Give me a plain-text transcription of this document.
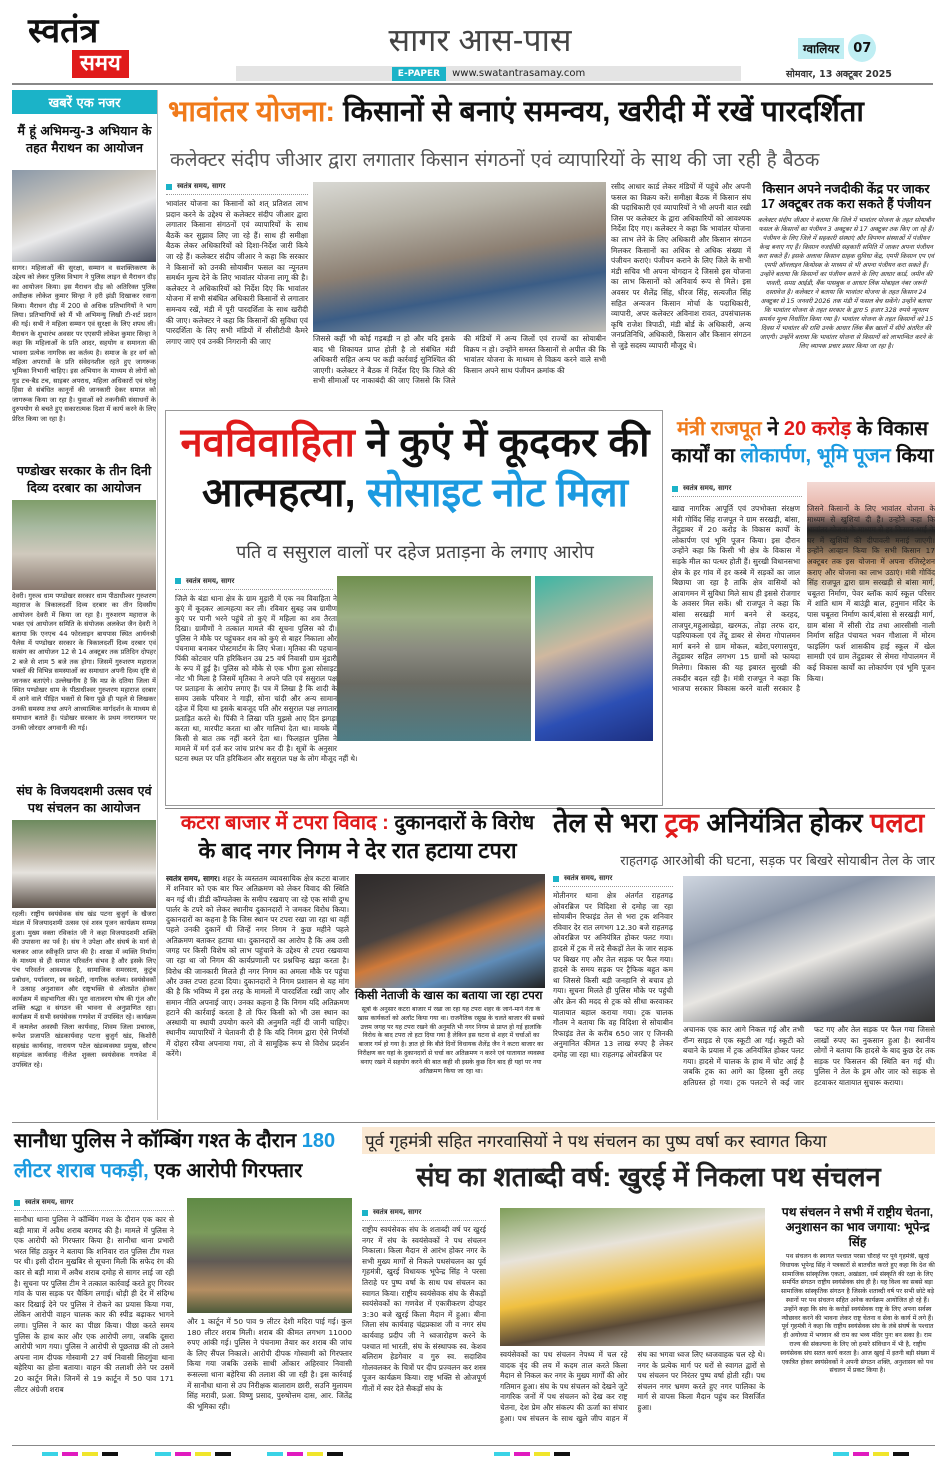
स्वतंत्र
समय
सागर आस-पास
E-PAPER	www.swatantrasamay.com
ग्वालियर	07
सोमवार, 13 अक्टूबर 2025
खबरें एक नजर
मैं हूं अभिमन्यु-3 अभियान के तहत मैराथन का आयोजन
सागर। महिलाओं की सुरक्षा, सम्मान व सशक्तिकरण के उद्देश्य को लेकर पुलिस विभाग ने पुलिस लाइन से मैराथन दौड़ का आयोजन किया। इस मैराथन दौड़ को अतिरिक्त पुलिस अधीक्षक लोकेश कुमार सिन्हा ने हरी झंडी दिखाकर रवाना किया। मैराथन दौड़ में 200 से अधिक प्रतिभागियों ने भाग लिया। प्रतिभागियों को मैं भी अभिमन्यु लिखी टी-शर्ट प्रदान की गई। सभी ने महिला सम्मान एवं सुरक्षा के लिए शपथ ली। मैराथन के शुभारंभ अवसर पर एएसपी लोकेश कुमार सिन्हा ने कहा कि महिलाओं के प्रति आदर, सहयोग व समानता की भावना प्रत्येक नागरिक का कर्तव्य है। समाज के हर वर्ग को महिला अपराधों के प्रति संवेदनशील रहते हुए जागरूक भूमिका निभानी चाहिए। इस अभियान के माध्यम से लोगों को गुड टच-बैड टच, साइबर अपराध, महिला अधिकारों एवं घरेलू हिंसा से संबंधित कानूनों की जानकारी देकर समाज को जागरूक किया जा रहा है। युवाओं को तकनीकी संसाधनों के दुरुपयोग से बचते हुए सकारात्मक दिशा में कार्य करने के लिए प्रेरित किया जा रहा है।
पण्डोखर सरकार के तीन दिनी दिव्य दरबार का आयोजन
देवरी। गुरुत्व धाम पण्डोखर सरकार धाम पीठाधीश्वर गुरुशरण महाराज के त्रिकालदर्शी दिव्य दरबार का तीन दिवसीय आयोजन देवरी में किया जा रहा है। गुरुशरण महाराज के भक्त एवं आयोजन समिति के संयोजक अलकेश जैन देवरी ने बताया कि एनएच 44 फोरलाइन बायपास स्थित आर्यनश्री पैलेस में पण्डोखर सरकार के त्रिकालदर्शी दिव्य दरबार एवं सत्संग का आयोजन 12 से 14 अक्टूबर तक प्रतिदिन दोपहर 2 बजे से शाम 5 बजे तक होगा। जिसमें गुरुशरण महाराज भक्तों की विभिन्न समस्याओं का समाधान अपनी दिव्य दृष्टि से जानकर बताएंगे। उल्लेखनीय है कि मप्र के दतिया जिला में स्थित पण्डोखर धाम के पीठाधीश्वर गुरुशरण महाराज दरबार में आने वाले पीड़ित भक्तों से बिना पूछे ही पहले से लिखकर उनकी समस्या तथा अपने आध्यात्मिक मार्गदर्शन के माध्यम से समाधान बताते हैं। पंडोखर सरकार के प्रथम नगरागमन पर उनकी जोरदार अगवानी की गई।
संघ के विजयदशमी उत्सव एवं पथ संचलन का आयोजन
रहली। राष्ट्रीय स्वयंसेवक संघ खंड पटना बुजुर्ग के खैजरा मंडल में विजयादशमी उत्सव एवं शस्त्र पूजन कार्यक्रम सम्पन्न हुआ। मुख्य वक्ता रविकांत जी ने कहा विजयादशमी शक्ति की उपासना का पर्व है। संघ ने उपेक्षा और संघर्ष के मार्ग से चलकर आज स्वीकृति प्राप्त की है। शाखा में व्यक्ति निर्माण के माध्यम से ही समाज परिवर्तन संभव है और इसके लिए पंच परिवर्तन आवश्यक है, सामाजिक समरसता, कुटुंब प्रबोधन, पर्यावरण, स्व स्वदेशी, नागरिक कर्तव्य। स्वयंसेवकों ने उत्साह अनुशासन और राष्ट्रभक्ति से ओतप्रोत होकर कार्यक्रम में सहभागिता की। पूरा वातावरण घोष की गूंज और शक्ति श्रद्धा व संगठन की भावना से अनुप्राणित रहा। कार्यक्रम में सभी स्वयंसेवक गणवेश में उपस्थित रहे। कार्यक्रम में कमलेश अवस्थी जिला कार्यवाह, शिवम जिला प्रचारक, रूपेश प्रजापति खंडकार्यवाह पटना बुजुर्ग खंड, किशोरी सहखंड कार्यवाह, नारायण पटेल खंडव्यवस्था प्रमुख, सौरभ सहमंडल कार्यवाह नीलेश शुक्ला स्वयंसेवक गणवेश में उपस्थित रहे।
भावांतर योजना: किसानों से बनाएं समन्वय, खरीदी में रखें पारदर्शिता
कलेक्टर संदीप जीआर द्वारा लगातार किसान संगठनों एवं व्यापारियों के साथ की जा रही है बैठक
स्वतंत्र समय, सागर
भावांतर योजना का किसानों को शत् प्रतिशत लाभ प्रदान करने के उद्देश्य से कलेक्टर संदीप जीआर द्वारा लगातार किसाना संगठनों एवं व्यापारियों के साथ बैठकें कर सुझाव लिए जा रहे हैं। साथ ही समीक्षा बैठक लेकर अधिकारियों को दिशा-निर्देश जारी किये जा रहे हैं। कलेक्टर संदीप जीआर ने कहा कि सरकार ने किसानों को उनकी सोयाबीन फसल का न्यूनतम समर्थन मूल्य देने के लिए भावांतर योजना लागू की है। कलेक्टर ने अधिकारियों को निर्देश दिए कि भावांतर योजना में सभी संबंधित अधिकारी किसानों से लगातार समन्वय रखें, मंडी में पूरी पारदर्शिता के साथ खरीदी की जाए। कलेक्टर ने कहा कि किसानों की सुविधा एवं पारदर्शिता के लिए सभी मंडियों में सीसीटीवी कैमरे लगाए जाएं एवं उनकी निगरानी की जाए	जिससे कहीं भी कोई गड़बड़ी न हो और यदि इसके बाद भी शिकायत प्राप्त होती है तो संबंधित मंडी अधिकारी सहित अन्य पर कड़ी कार्रवाई सुनिश्चित की जाएगी। कलेक्टर ने बैठक में निर्देश दिए कि जिले की सभी सीमाओं पर नाकाबंदी की जाए जिससे कि जिले की मंडियों में अन्य जिलों एवं राज्यों का सोयाबीन विक्रय न हो। उन्होंने समस्त किसानों से अपील की कि भावांतर योजना के माध्यम से विक्रय करने वाले सभी किसान अपने साथ पंजीयन क्रमांक की
रसीद आधार कार्ड लेकर मंडियों में पहुंचे और अपनी फसल का विक्रय करें। समीक्षा बैठक में किसान संघ की पदाधिकारी एवं व्यापारियों ने भी अपनी बात रखी जिस पर कलेक्टर के द्वारा अधिकारियों को आवश्यक निर्देश दिए गए। कलेक्टर ने कहा कि भावांतर योजना का लाभ लेने के लिए अधिकारी और किसान संगठन मिलकर किसानों का अधिक से अधिक संख्या में पंजीयन कराएं। पंजीयन कराने के लिए जिले के सभी मंडी सचिव भी अपना योगदान दे जिससे इस योजना का लाभ किसानों को अनिवार्य रूप से मिले। इस अवसर पर शैलेंद्र सिंह, धीरज सिंह, सत्यजीत सिंह सहित अन्यजन किसान मोर्चा के पदाधिकारी, व्यापारी, अपर कलेक्टर अविनाश रावत, उपसंचालक कृषि राजेश त्रिपाठी, मंडी बोर्ड के अधिकारी, अन्य जनप्रतिनिधि, अधिकारी, किसान और किसान संगठन से जुड़े सदस्य व्यापारी मौजूद थे।
किसान अपने नजदीकी केंद्र पर जाकर 17 अक्टूबर तक करा सकते हैं पंजीयन
कलेक्टर संदीप जीआर ने बताया कि जिले में भावांतर योजना के तहत सोयाबीन फसल के किसानों का पंजीयन 3 अक्टूबर से 17 अक्टूबर तक किए जा रहे हैं। पंजीयन के लिए जिले में सहकारी संस्थाएं और विपणन संस्थाओं में पंजीयन केन्द्र बनाए गए हैं। किसान नजदीकी सहकारी समिति में जाकर अपना पंजीयन करा सकते हैं। इसके अलावा किसान ग्राहक सुविधा केंद्र, एमपी किसान एप एवं एमपी ऑनलाइन कियोस्क के माध्यम से भी अपना पंजीयन करा सकते हैं। उन्होंने बताया कि किसानों का पंजीयन कराने के लिए आधार कार्ड, जमीन की पावती, समग्र आईडी, बैंक पासबुक व आधार लिंक मोबाइल नंबर जरूरी दस्तावेज है। कलेक्टर ने बताया कि भावांतर योजना के तहत किसान 24 अक्टूबर से 15 जनवरी 2026 तक मंडी में फसल बेच सकेंगे। उन्होंने बताया कि भावांतर योजना के तहत सरकार के द्वारा 5 हजार 328 रुपये न्यूनतम समर्थन मूल्य निर्धारित किया गया है। भावांतर योजना के तहत किसानों को 15 दिवस में भावांतर की राशि उनके आधार लिंक बैंक खातों में सीधे अंतरित की जाएगी। उन्होंने बताया कि भावांतर योजना से किसानों को लाभान्वित करने के लिए व्यापक प्रचार प्रसार किया जा रहा है।
नवविवाहिता ने कुएं में कूदकर की
आत्महत्या, सोसाइट नोट मिला
पति व ससुराल वालों पर दहेज प्रताड़ना के लगाए आरोप
स्वतंत्र समय, सागर
जिले के बंडा थाना क्षेत्र के ग्राम मुड़ारी में एक नव विवाहिता ने कुएं में कूदकर आत्महत्या कर ली। रविवार सुबह जब ग्रामीण कुएं पर पानी भरने पहुंचे तो कुएं में महिला का शव तैरता दिखा। ग्रामीणों ने तत्काल मामले की सूचना पुलिस को दी। पुलिस ने मौके पर पहुंचकर शव को कुएं से बाहर निकाला और पंचनामा बनाकर पोस्टमार्टम के लिए भेजा। मृतिका की पहचान पिंकी कोटवार पति हरिकिशन उम्र 25 वर्ष निवासी ग्राम मुंडारी के रूप में हुई है। पुलिस को मौके से एक भीगा हुआ सोसाइट नोट भी मिला है जिसमें मृतिका ने अपने पति एवं ससुराल पक्ष पर प्रताड़ना के आरोप लगाए हैं। पत्र में लिखा है कि शादी के समय उसके परिवार ने गाड़ी, सोना चांदी और अन्य सामान दहेज में दिया था इसके बावजूद पति और ससुराल पक्ष लगातार प्रताड़ित करते थे। पिंकी ने लिखा पति मुझसे आए दिन झगड़ा करता था, मारपीट करता था और गालियां देता था। मायके में किसी से बात तक नहीं करने देता था। फिलहाल पुलिस ने मामले में मर्ग दर्ज कर जांच प्रारंभ कर दी है। सूत्रों के अनुसार घटना स्थल पर पति हरिकिशन और ससुराल पक्ष के लोग मौजूद नहीं थे।
मंत्री राजपूत ने 20 करोड़ के विकास
कार्यों का लोकार्पण, भूमि पूजन किया
स्वतंत्र समय, सागर
खाद्य नागरिक आपूर्ति एवं उपभोक्ता संरक्षण मंत्री गोविंद सिंह राजपूत ने ग्राम सरखड़ी, बांसा, तेंदुडाबर में 20 करोड़ के विकास कार्यों के लोकार्पण एवं भूमि पूजन किया। इस दौरान उन्होंने कहा कि किसी भी क्षेत्र के विकास में सड़के मील का पत्थर होती हैं। सुरखी विधानसभा क्षेत्र के हर गांव में हर कस्बे में सड़कों का जाल बिछाया जा रहा है ताकि क्षेत्र वासियों को आवागमन में सुविधा मिले साथ ही इससे रोजगार के अवसर मिल सकें। श्री राजपूत ने कहा कि बांसा सरखड़ी मार्ग बनने से करहद, ताजपुर,महुआखेड़ा, खरमऊ, तोड़ा तरफ दार, पड़रियाकला एवं तेंदू डाबर से सेमरा गोपालमन मार्ग बनने से ग्राम मोकल, बडेरा,परगासपुरा, तेंदुडाबर सहित लगभग 15 ग्रामों को फायदा मिलेगा। विकास की यह इबारत सुरखी की तकदीर बदल रही है। मंत्री राजपूत ने कहा कि भाजपा सरकार विकास करने वाली सरकार है जिसने किसानों के लिए भावांतर योजना के माध्यम से खुशियां दी हैं। उन्होंने कहा कि भावांतर योजना के माध्यम से हर किसान भाई के घर में खुशियों की दीपावली मनाई जाएगी। उन्होंने आव्हान किया कि सभी किसान 17 अक्टूबर तक इस योजना में अपना रजिस्ट्रेशन कराए और योजना का लाभ उठाएं। मंत्री गोविंद सिंह राजपूत द्वारा ग्राम सरखड़ी से बांसा मार्ग, चबूतरा निर्माण, पेवर ब्लॉक कार्य स्कूल परिसर में शांति धाम में बाउंड्री बाल, हनुमान मंदिर के पास चबूतरा निर्माण कार्य,बांसा से सरखड़ी मार्ग, ग्राम बांसा में सीसी रोड तथा आरसीसी नाली निर्माण सहित पंचायत भवन गौशाला में मोरम फाइलिंग फर्श शासकीय हाई स्कूल में खेल सामग्री एवं ग्राम तेंदुडाबर से सेमरा गोपालमन में कई विकास कार्यों का लोकार्पण एवं भूमि पूजन किया।
कटरा बाजार में टपरा विवाद : दुकानदारों के विरोध
के बाद नगर निगम ने देर रात हटाया टपरा
स्वतंत्र समय, सागर। शहर के व्यस्ततम व्यावसायिक क्षेत्र कटरा बाजार में शनिवार को एक बार फिर अतिक्रमण को लेकर विवाद की स्थिति बन गई थी। डीडी कॉम्पलेक्स के समीप रखवाए जा रहे एक सांची दुग्ध पार्लर के टपरे को लेकर स्थानीय दुकानदारों ने जमकर विरोध किया। दुकानदारों का कहना है कि जिस स्थान पर टपरा रखा जा रहा था वहीं पहले उनकी दुकानें थी जिन्हें नगर निगम ने कुछ महीने पहले अतिक्रमण बताकर हटाया था। दुकानदारों का आरोप है कि अब उसी जगह पर किसी विशेष को लाभ पहुंचाने के उद्देश्य से टपरा रखवाया जा रहा था जो निगम की कार्यप्रणाली पर प्रश्नचिन्ह खड़ा करता है। विरोध की जानकारी मिलते ही नगर निगम का अमला मौके पर पहुंचा और उक्त टपरा हटवा दिया। दुकानदारों ने निगम प्रशासन से यह मांग की है कि भविष्य में इस तरह के मामलों में पारदर्शिता रखी जाए और समान नीति अपनाई जाए। उनका कहना है कि निगम यदि अतिक्रमण हटाने की कार्रवाई करता है तो फिर किसी को भी उस स्थान का अस्थायी या स्थायी उपयोग करने की अनुमति नहीं दी जानी चाहिए। स्थानीय व्यापारियों ने चेतावनी दी है कि यदि निगम द्वारा ऐसे निर्णयों में दोहरा रवैया अपनाया गया, तो वे सामूहिक रूप से विरोध प्रदर्शन करेंगे।
किसी नेताजी के खास का बताया जा रहा टपरा
सूत्रों के अनुसार कटरा बाजार में रखा जा रहा यह टपरा शहर के जाने-माने नेता के खास कार्यकर्ता को अलॉट किया गया था। राजनैतिक रसूख के चलते बाजार की सबसे उत्तम जगह पर यह टपरा रखने की अनुमति भी नगर निगम से प्राप्त हो गई हालांकि विरोध के बाद टपरा तो हटा दिया गया है लेकिन इस घटना से शहर में चर्चाओं का बाजार गर्म हो गया है। ज्ञात हो कि बीते दिनों विधायक शैलेंद्र जैन ने कटरा बाजार का निरीक्षण कर यहां के दुकानदारों से चर्चा कर अतिक्रमण न करने एवं यातायात व्यवस्था बनाए रखने में सहयोग करने की बात कही थी इसके कुछ दिन बाद ही यहां पर नया अतिक्रमण किया जा रहा था।
तेल से भरा ट्रक अनियंत्रित होकर पलटा
राहतगढ़ आरओबी की घटना, सड़क पर बिखरे सोयाबीन तेल के जार
स्वतंत्र समय, सागर
मोतीनगर थाना क्षेत्र अंतर्गत राहतगढ़ ओवरब्रिज पर विदिशा से दमोह जा रहा सोयाबीन रिफाइंड तेल से भरा ट्रक शनिवार रविवार देर रात लगभग 12.30 बजे राहतगढ़ ओवरब्रिज पर अनियंत्रित होकर पलट गया। हादसे में ट्रक में लदे सैकड़ों तेल के जार सड़क पर बिखर गए और तेल सड़क पर फैल गया। हादसे के समय सड़क पर ट्रैफिक बहुत कम था जिससे किसी बड़ी जनहानि से बचाव हो गया। सूचना मिलते ही पुलिस मौके पर पहुंची और क्रेन की मदद से ट्रक को सीधा करवाकर यातायात बहाल कराया गया। ट्रक चालक गौतम ने बताया कि वह विदिशा से सोयाबीन रिफाइंड तेल के करीब 650 जार ए जिनकी अनुमानित कीमत 13 लाख रुपए है लेकर दमोह जा रहा था। राहतगढ़ ओवरब्रिज पर
अचानक एक कार आगे निकल गई और तभी रॉन्ग साइड से एक स्कूटी आ गई। स्कूटी को बचाने के प्रयास में ट्रक अनियंत्रित होकर पलट गया। हादसे में चालक के हाथ में चोट आई है जबकि ट्रक का आगे का हिस्सा बुरी तरह क्षतिग्रस्त हो गया। ट्रक पलटने से कई जार फट गए और तेल सड़क पर फैल गया जिससे लाखों रुपए का नुकसान हुआ है। स्थानीय लोगों ने बताया कि हादसे के बाद कुछ देर तक सड़क पर फिसलन की स्थिति बन गई थी। पुलिस ने तेल के ड्रम और जार को सड़क से हटवाकर यातायात सुचारू कराया।
सानौधा पुलिस ने कॉम्बिंग गश्त के दौरान 180 लीटर शराब पकड़ी, एक आरोपी गिरफ्तार
स्वतंत्र समय, सागर
सानौधा थाना पुलिस ने कॉम्बिंग गश्त के दौरान एक कार से बड़ी मात्रा में अवैध शराब बरामद की है। मामले में पुलिस ने एक आरोपी को गिरफ्तार किया है। सानौधा थाना प्रभारी भरत सिंह ठाकुर ने बताया कि शनिवार रात पुलिस टीम गश्त पर थी। इसी दौरान मुखबिर से सूचना मिली कि सफेद रंग की कार से बड़ी मात्रा में अवैध शराब दमोह से सागर लाई जा रही है। सूचना पर पुलिस टीम ने तत्काल कार्रवाई करते हुए गिरवर गांव के पास सड़क पर चैकिंग लगाई। थोड़ी ही देर में संदिग्ध कार दिखाई देने पर पुलिस ने रोकने का प्रयास किया गया, लेकिन आरोपी वाहन चालक कार की स्पीड बढ़ाकर भागने लगा। पुलिस ने कार का पीछा किया। पीछा करते समय पुलिस के हाथ कार और एक आरोपी लगा, जबकि दूसरा आरोपी भाग गया। पुलिस ने आरोपी से पूछताछ की तो उसने अपना नाम दीपक गोस्वामी 27 वर्ष निवासी सिदगुंवा थाना बहेरिया का होना बताया। वाहन की तलाशी लेने पर उसमें 20 कार्टून मिले। जिनमें से 19 कार्टून में 50 पाव 171 लीटर अंग्रेजी शराब
और 1 कार्टून में 50 पाव 9 लीटर देशी मदिरा पाई गई। कुल 180 लीटर शराब मिली। शराब की कीमत लगभग 11000 रुपए आंकी गई। पुलिस ने पंचनामा तैयार कर शराब की जांच के लिए सैंपल निकाले। आरोपी दीपक गोस्वामी को गिरफ्तार किया गया जबकि उसके साथी ओंकार अहिरवार निवासी रूसल्ला थाना बहेरिया की तलाश की जा रही है। इस कार्रवाई में सानौधा थाना से उप निरीक्षक बालाराम छारी, सउनि मुलायम सिंह मरावी, प्रआ. विष्णु प्रसाद, पुरुषोत्तम दास, आर. जितेंद्र की भूमिका रही।
पूर्व गृहमंत्री सहित नगरवासियों ने पथ संचलन का पुष्प वर्षा कर स्वागत किया
संघ का शताब्दी वर्ष: खुरई में निकला पथ संचलन
स्वतंत्र समय, सागर
राष्ट्रीय स्वयंसेवक संघ के शताब्दी वर्ष पर खुरई नगर में संघ के स्वयंसेवकों ने पथ संचलन निकाला। किला मैदान से आरंभ होकर नगर के सभी मुख्य मार्गों से निकले पथसंचलन का पूर्व गृहमंत्री, खुरई विधायक भूपेन्द्र सिंह ने परसा तिराहे पर पुष्प वर्षा के साथ पथ संचलन का स्वागत किया। राष्ट्रीय स्वयंसेवक संघ के सैकड़ों स्वयंसेवकों का गणवेश में एकत्रीकरण दोपहर 3:30 बजे खुरई किला मैदान में हुआ। बीना जिला संघ कार्यवाह चंद्रप्रकाश जी व नगर संघ कार्यवाह प्रदीप जी ने ध्वजारोहण करने के पश्चात मां भारती, संघ के संस्थापक स्व. केशव बलिराम हेडगेवार व गुरु स्व. सदाशिव गोलवलकर के चित्रों पर दीप प्रज्वलन कर शस्त्र पूजन कार्यक्रम किया। राष्ट्र भक्ति से ओजपूर्ण गीतों में स्वर देते सैकड़ों संघ के
स्वयंसेवकों का पथ संचलन नेपथ्य में चल रहे वादक वृंद की लय में कदम ताल करते किला मैदान से निकल कर नगर के मुख्य मार्गों की ओर गतिमान हुआ। संघ के पथ संचलन को देखने जुटे नागरिक जनों में पथ संचलन को देख कर राष्ट्र चेतना, देश प्रेम और संकल्प की ऊर्जा का संचार हुआ। पथ संचलन के साथ खुले जीप वाहन में संघ का भगवा ध्वज लिए ध्वजवाहक चल रहे थे। नगर के प्रत्येक मार्ग पर घरों से स्वागत द्वारों से पथ संचलन पर निरंतर पुष्प वर्षा होती रही। पथ संचलन नगर भ्रमण करते हुए नगर पालिका के मार्ग से वापस किला मैदान पहुंच कर विसर्जित हुआ।
पथ संचलन ने सभी में राष्ट्रीय चेतना, अनुशासन का भाव जगाया: भूपेन्द्र सिंह
पथ संचलन के स्वागत पश्चात परसा चौराहे पर पूर्व गृहमंत्री, खुरई विधायक भूपेन्द्र सिंह ने पत्रकारों से बातचीत करते हुए कहा कि देश की सामाजिक सांस्कृतिक एकता, अखंडता, धर्म संस्कृति की रक्षा के लिए समर्पित संगठन राष्ट्रीय स्वयंसेवक संघ ही है। यह विश्व का सबसे बड़ा सामाजिक सांस्कृतिक संगठन है जिसके शताब्दी वर्ष पर सभी छोटे बड़े स्थानों पर पथ संचलन सहित अनेक कार्यक्रम आयोजित हो रहे हैं। उन्होंने कहा कि संघ के करोड़ों स्वयंसेवक राष्ट्र के लिए अपना सर्वस्व न्यौछावर करने की भावना लेकर राष्ट्र चेतना व सेवा के कार्य में लगे हैं। पूर्व गृहमंत्री ने कहा कि राष्ट्रीय स्वयंसेवक संघ के लंबे संघर्ष के पश्चात ही अयोध्या में भगवान श्री राम का भव्य मंदिर पुनः बन सका है। राम राज्य की संकल्पना के लिए जो हमारे संविधान में भी है, राष्ट्रीय स्वयंसेवक संघ सतत कार्य करता है। आज खुरई में इतनी बड़ी संख्या में एकत्रित होकर स्वयंसेवकों ने अपनी संगठन शक्ति, अनुशासन को पथ संचलन में प्रकट किया है।
